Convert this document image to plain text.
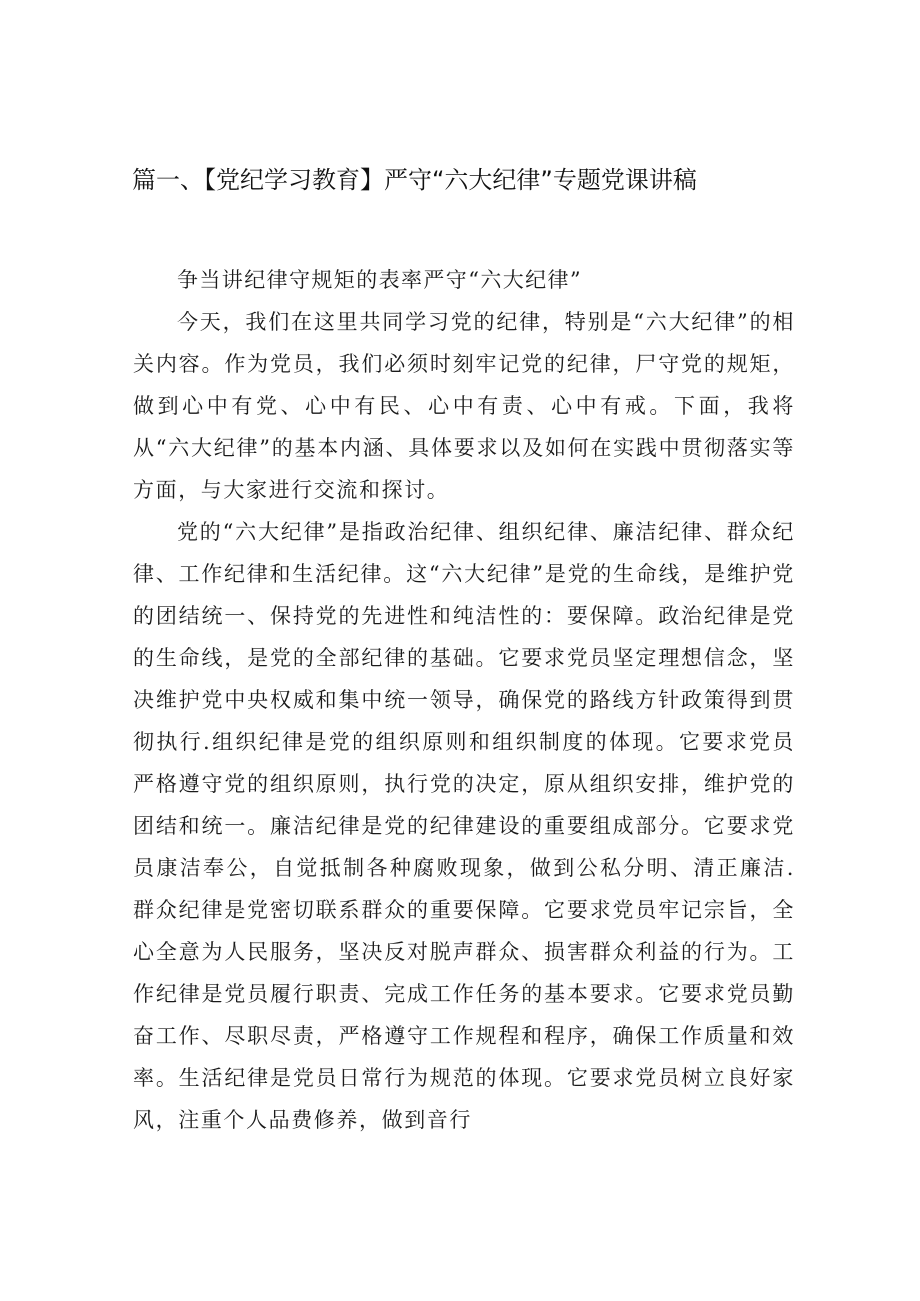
篇一、【党纪学习教育】严守“六大纪律”专题党课讲稿

争当讲纪律守规矩的表率严守“六大纪律”

今天，我们在这里共同学习党的纪律，特别是“六大纪律”的相关内容。作为党员，我们必须时刻牢记党的纪律，尸守党的规矩，做到心中有党、心中有民、心中有责、心中有戒。下面，我将从“六大纪律”的基本内涵、具体要求以及如何在实践中贯彻落实等方面，与大家进行交流和探讨。

党的“六大纪律”是指政治纪律、组织纪律、廉洁纪律、群众纪律、工作纪律和生活纪律。这“六大纪律”是党的生命线，是维护党的团结统一、保持党的先进性和纯洁性的：要保障。政治纪律是党的生命线，是党的全部纪律的基础。它要求党员坚定理想信念，坚决维护党中央权威和集中统一领导，确保党的路线方针政策得到贯彻执行.组织纪律是党的组织原则和组织制度的体现。它要求党员严格遵守党的组织原则，执行党的决定，原从组织安排，维护党的团结和统一。廉洁纪律是党的纪律建设的重要组成部分。它要求党员康洁奉公，自觉抵制各种腐败现象，做到公私分明、清正廉洁.群众纪律是党密切联系群众的重要保障。它要求党员牢记宗旨，全心全意为人民服务，坚决反对脱声群众、损害群众利益的行为。工作纪律是党员履行职责、完成工作任务的基本要求。它要求党员勤奋工作、尽职尽责，严格遵守工作规程和程序，确保工作质量和效率。生活纪律是党员日常行为规范的体现。它要求党员树立良好家风，注重个人品费修养，做到音行
